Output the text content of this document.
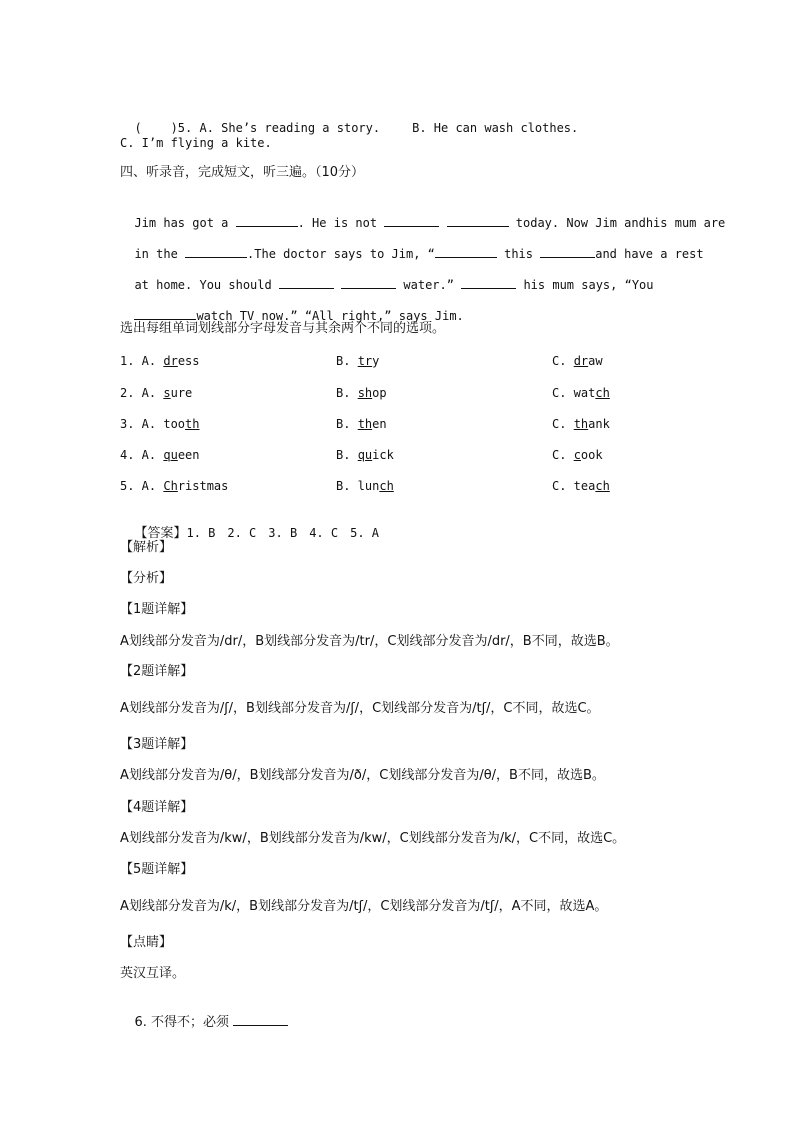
(    )5. A. She’s reading a story.	B. He can wash clothes.

C. I’m flying a kite.
四、听录音，完成短文，听三遍。（10分）

Jim has got a	. He is not	today. Now Jim andhis mum are

in the	.The doctor says to Jim, “	this	and have a rest

at home. You should	water.”	his mum says, “You

watch TV now.” “All right,” says Jim.

选出每组单词划线部分字母发音与其余两个不同的选项。
1. A. dress	B. try	C. draw
2. A. sure	B. shop	C. watch
3. A. tooth	B. then	C. thank
4. A. queen	B. quick	C. cook
5. A. Christmas	B. lunch	C. teach

【答案】1. B 2. C 3. B 4. C 5. A

【解析】
【分析】
【1题详解】
A划线部分发音为/dr/，B划线部分发音为/tr/，C划线部分发音为/dr/，B不同，故选B。
【2题详解】
A划线部分发音为/ʃ/，B划线部分发音为/ʃ/，C划线部分发音为/tʃ/，C不同，故选C。
【3题详解】
A划线部分发音为/θ/，B划线部分发音为/ð/，C划线部分发音为/θ/，B不同，故选B。
【4题详解】
A划线部分发音为/kw/，B划线部分发音为/kw/，C划线部分发音为/k/，C不同，故选C。
【5题详解】
A划线部分发音为/k/，B划线部分发音为/tʃ/，C划线部分发音为/tʃ/，A不同，故选A。
【点睛】
英汉互译。

6. 不得不；必须
